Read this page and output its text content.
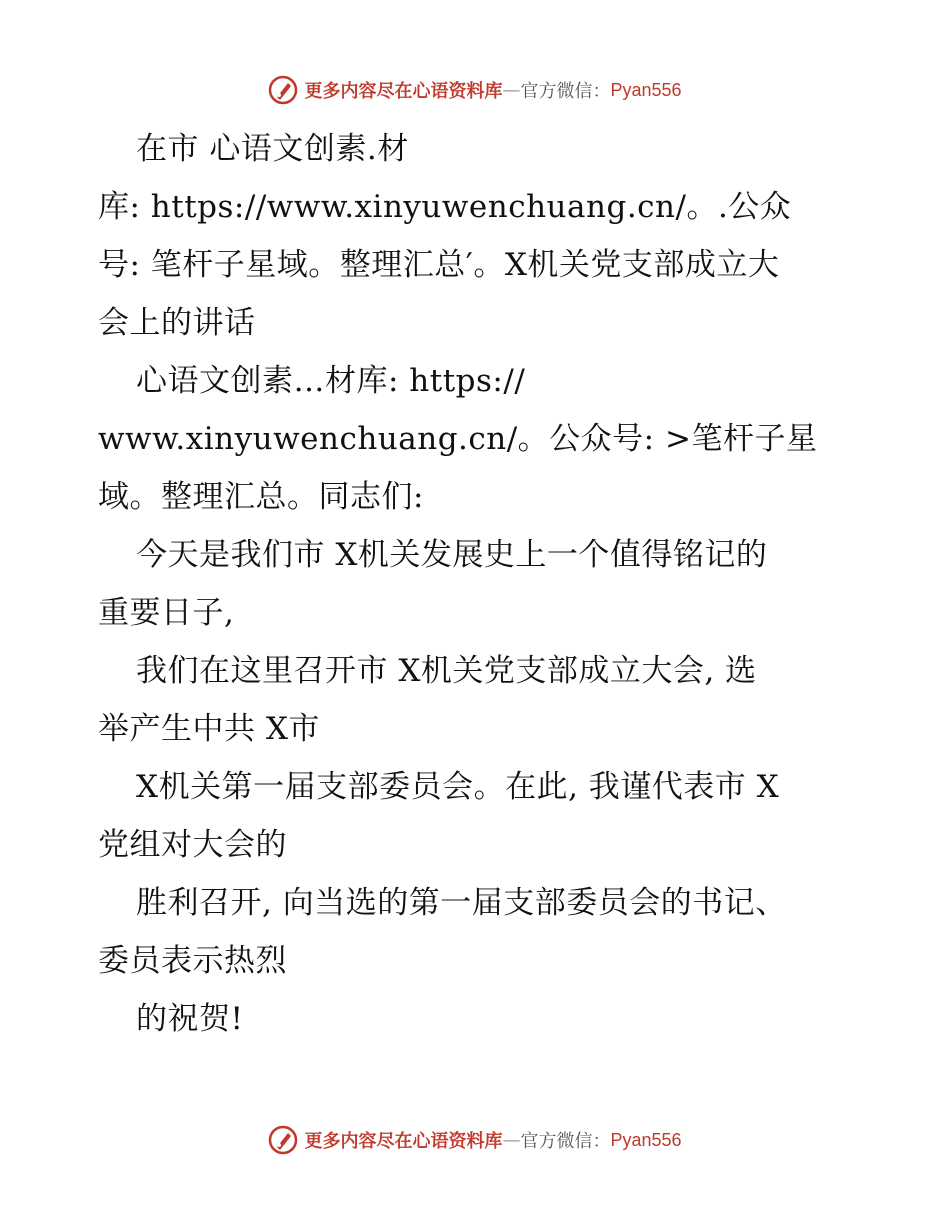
更多内容尽在心语资料库 — 官方微信： Pyan556
在市 心语文创素.材
库: https://www.xinyuwenchuang.cn/。.公众
号: 笔杆子星域。整理汇总′。X机关党支部成立大
会上的讲话
心语文创素…材库: https://
www.xinyuwenchuang.cn/。公众号: >笔杆子星
域。整理汇总。同志们:
今天是我们市 X机关发展史上一个值得铭记的
重要日子,
我们在这里召开市 X机关党支部成立大会, 选
举产生中共 X市
X机关第一届支部委员会。在此, 我谨代表市 X
党组对大会的
胜利召开, 向当选的第一届支部委员会的书记、
委员表示热烈
的祝贺!
更多内容尽在心语资料库 — 官方微信： Pyan556
